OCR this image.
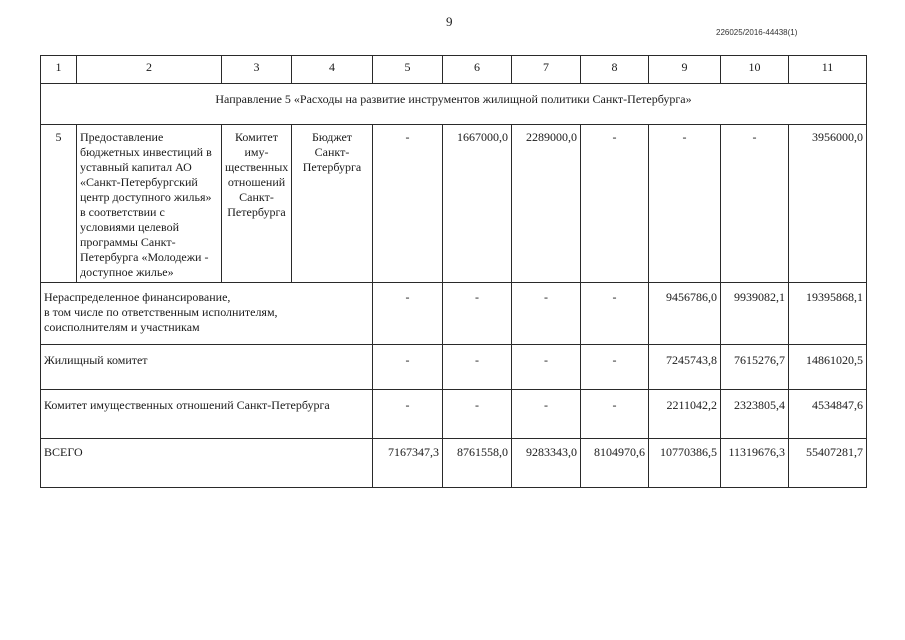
9
226025/2016-44438(1)
1	2	3	4	5	6	7	8	9	10	11
Направление 5 «Расходы на развитие инструментов жилищной политики Санкт-Петербурга»										
5	Предоставление бюджетных инвестиций в уставный капитал АО «Санкт-Петербургский центр доступного жилья» в соответствии с условиями целевой программы Санкт-Петербурга «Молодежи - доступное жилье»	Комитет иму-щественных отношений Санкт-Петербурга	Бюджет Санкт-Петербурга	-	1667000,0	2289000,0	-	-	-	3956000,0
Нераспределенное финансирование,
в том числе по ответственным исполнителям,
соисполнителям и участникам				-	-	-	-	9456786,0	9939082,1	19395868,1
Жилищный комитет				-	-	-	-	7245743,8	7615276,7	14861020,5
Комитет имущественных отношений Санкт-Петербурга				-	-	-	-	2211042,2	2323805,4	4534847,6
ВСЕГО				7167347,3	8761558,0	9283343,0	8104970,6	10770386,5	11319676,3	55407281,7
